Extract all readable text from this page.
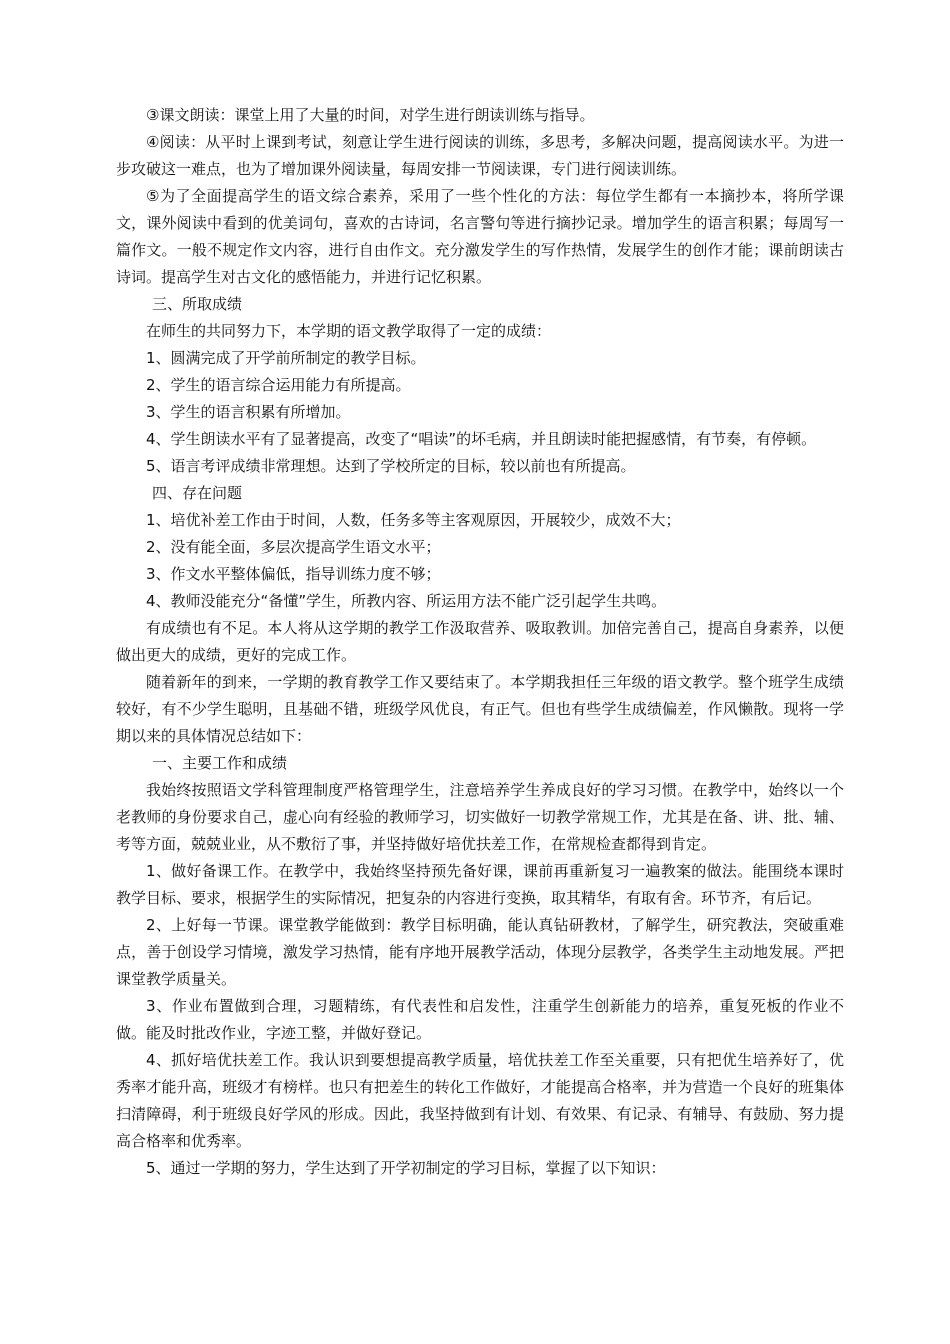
③课文朗读：课堂上用了大量的时间，对学生进行朗读训练与指导。

④阅读：从平时上课到考试，刻意让学生进行阅读的训练，多思考，多解决问题，提高阅读水平。为进一步攻破这一难点，也为了增加课外阅读量，每周安排一节阅读课，专门进行阅读训练。

⑤为了全面提高学生的语文综合素养，采用了一些个性化的方法：每位学生都有一本摘抄本，将所学课文，课外阅读中看到的优美词句，喜欢的古诗词，名言警句等进行摘抄记录。增加学生的语言积累；每周写一篇作文。一般不规定作文内容，进行自由作文。充分激发学生的写作热情，发展学生的创作才能；课前朗读古诗词。提高学生对古文化的感悟能力，并进行记忆积累。

三、所取成绩

在师生的共同努力下，本学期的语文教学取得了一定的成绩：

1、圆满完成了开学前所制定的教学目标。

2、学生的语言综合运用能力有所提高。

3、学生的语言积累有所增加。

4、学生朗读水平有了显著提高，改变了“唱读”的坏毛病，并且朗读时能把握感情，有节奏，有停顿。

5、语言考评成绩非常理想。达到了学校所定的目标，较以前也有所提高。

四、存在问题

1、培优补差工作由于时间，人数，任务多等主客观原因，开展较少，成效不大；

2、没有能全面，多层次提高学生语文水平；

3、作文水平整体偏低，指导训练力度不够；

4、教师没能充分“备懂”学生，所教内容、所运用方法不能广泛引起学生共鸣。

有成绩也有不足。本人将从这学期的教学工作汲取营养、吸取教训。加倍完善自己，提高自身素养，以便做出更大的成绩，更好的完成工作。

随着新年的到来，一学期的教育教学工作又要结束了。本学期我担任三年级的语文教学。整个班学生成绩较好，有不少学生聪明，且基础不错，班级学风优良，有正气。但也有些学生成绩偏差，作风懒散。现将一学期以来的具体情况总结如下：

一、主要工作和成绩

我始终按照语文学科管理制度严格管理学生，注意培养学生养成良好的学习习惯。在教学中，始终以一个老教师的身份要求自己，虚心向有经验的教师学习，切实做好一切教学常规工作，尤其是在备、讲、批、辅、考等方面，兢兢业业，从不敷衍了事，并坚持做好培优扶差工作，在常规检查都得到肯定。

1、做好备课工作。在教学中，我始终坚持预先备好课，课前再重新复习一遍教案的做法。能围绕本课时教学目标、要求，根据学生的实际情况，把复杂的内容进行变换，取其精华，有取有舍。环节齐，有后记。

2、上好每一节课。课堂教学能做到：教学目标明确，能认真钻研教材，了解学生，研究教法，突破重难点，善于创设学习情境，激发学习热情，能有序地开展教学活动，体现分层教学，各类学生主动地发展。严把课堂教学质量关。

3、作业布置做到合理，习题精练，有代表性和启发性，注重学生创新能力的培养，重复死板的作业不做。能及时批改作业，字迹工整，并做好登记。

4、抓好培优扶差工作。我认识到要想提高教学质量，培优扶差工作至关重要，只有把优生培养好了，优秀率才能升高，班级才有榜样。也只有把差生的转化工作做好，才能提高合格率，并为营造一个良好的班集体扫清障碍，利于班级良好学风的形成。因此，我坚持做到有计划、有效果、有记录、有辅导、有鼓励、努力提高合格率和优秀率。

5、通过一学期的努力，学生达到了开学初制定的学习目标，掌握了以下知识：
